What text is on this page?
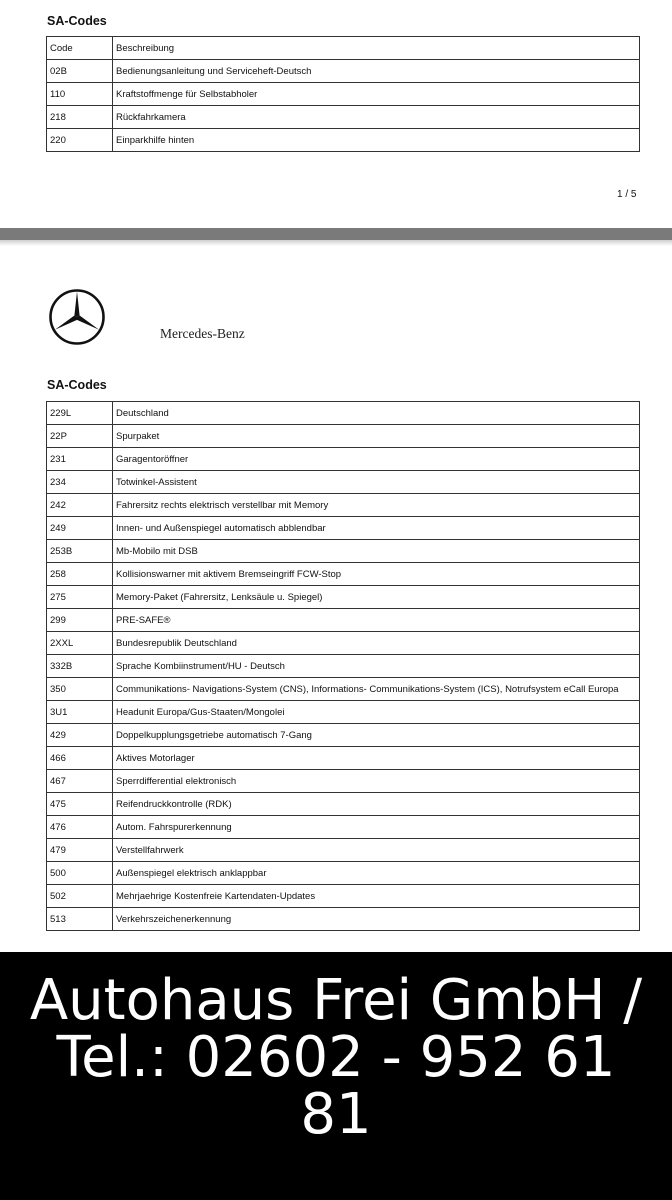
SA-Codes
Code	Beschreibung
02B	Bedienungsanleitung und Serviceheft-Deutsch
110	Kraftstoffmenge für Selbstabholer
218	Rückfahrkamera
220	Einparkhilfe hinten
1 / 5
Mercedes-Benz
SA-Codes
229L	Deutschland
22P	Spurpaket
231	Garagentoröffner
234	Totwinkel-Assistent
242	Fahrersitz rechts elektrisch verstellbar mit Memory
249	Innen- und Außenspiegel automatisch abblendbar
253B	Mb-Mobilo mit DSB
258	Kollisionswarner mit aktivem Bremseingriff FCW-Stop
275	Memory-Paket (Fahrersitz, Lenksäule u. Spiegel)
299	PRE-SAFE®
2XXL	Bundesrepublik Deutschland
332B	Sprache Kombiinstrument/HU - Deutsch
350	Communikations- Navigations-System (CNS), Informations- Communikations-System (ICS), Notrufsystem eCall Europa
3U1	Headunit Europa/Gus-Staaten/Mongolei
429	Doppelkupplungsgetriebe automatisch 7-Gang
466	Aktives Motorlager
467	Sperrdifferential elektronisch
475	Reifendruckkontrolle (RDK)
476	Autom. Fahrspurerkennung
479	Verstellfahrwerk
500	Außenspiegel elektrisch anklappbar
502	Mehrjaehrige Kostenfreie Kartendaten-Updates
513	Verkehrszeichenerkennung
Autohaus Frei GmbH /
Tel.: 02602 - 952 61
81
